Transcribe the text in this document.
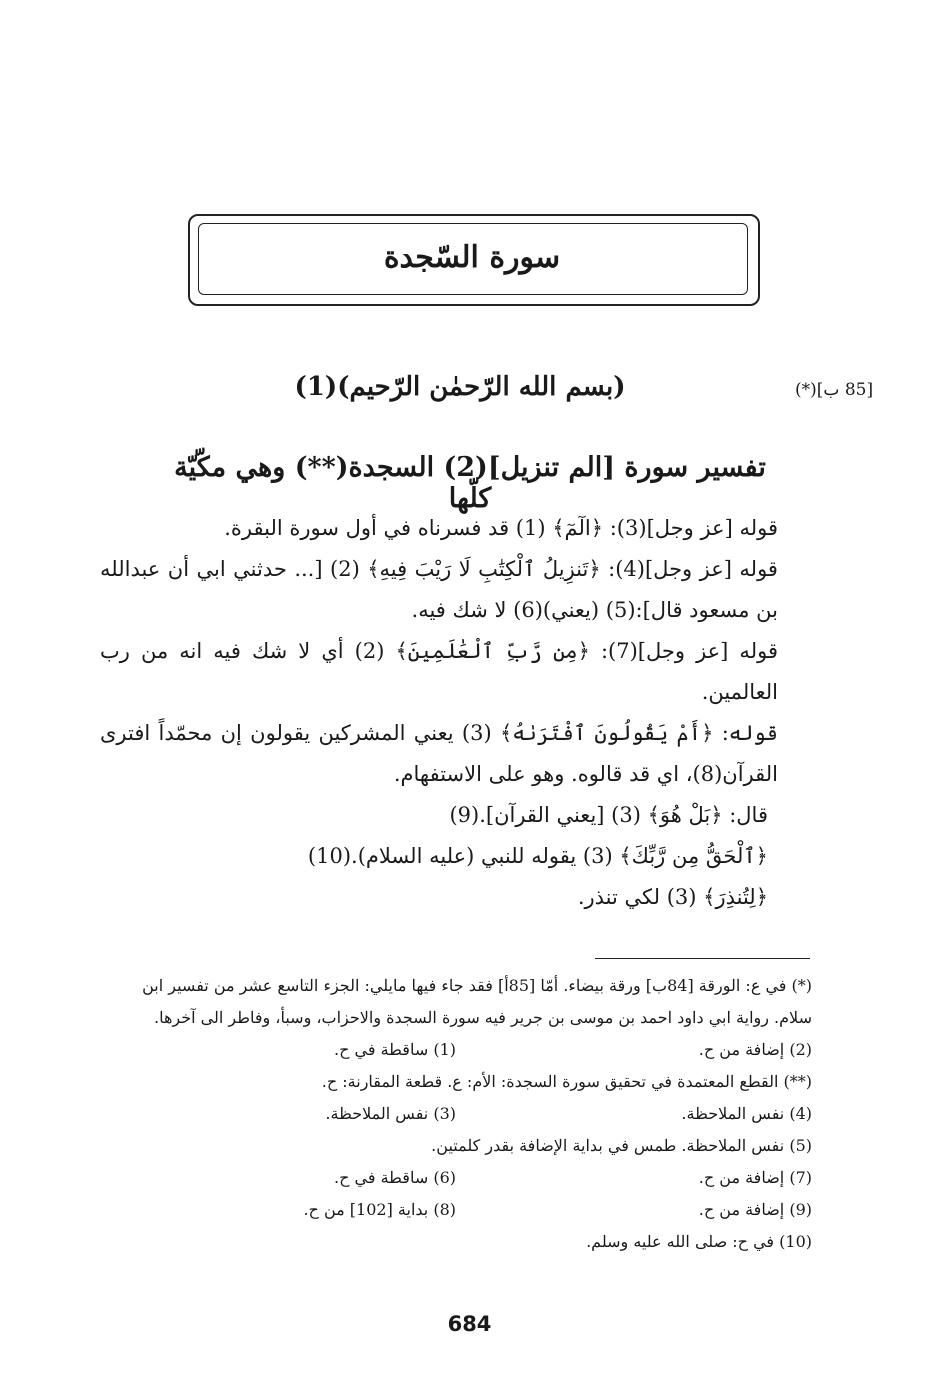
سورة السّجدة
[85 ب](*)
(بسم الله الرّحمٰن الرّحيم)(1)
تفسير سورة [الم تنزيل](2) السجدة(**) وهي مكّيّة كلّها

قوله [عز وجل](3): ﴿الٓمٓ﴾ (1) قد فسرناه في أول سورة البقرة.

قوله [عز وجل](4): ﴿تَنزِيلُ ٱلْكِتَٰبِ لَا رَيْبَ فِيهِ﴾ (2) [... حدثني ابي أن عبدالله بن مسعود قال]:(5) (يعني)(6) لا شك فيه.

قوله [عز وجل](7): ﴿مِن رَّبِّ ٱلْعَٰلَمِينَ﴾ (2) أي لا شك فيه انه من رب العالمين.

قوله: ﴿أَمْ يَقُولُونَ ٱفْتَرَىٰهُ﴾ (3) يعني المشركين يقولون إن محمّداً افترى القرآن(8)، اي قد قالوه. وهو على الاستفهام.

قال: ﴿بَلْ هُوَ﴾ (3) [يعني القرآن].(9)

﴿ٱلْحَقُّ مِن رَّبِّكَ﴾ (3) يقوله للنبي (عليه السلام).(10)

﴿لِتُنذِرَ﴾ (3) لكي تنذر.

(*) في ع: الورقة [84ب] ورقة بيضاء. أمّا [85أ] فقد جاء فيها مايلي: الجزء التاسع عشر من تفسير ابن سلام. رواية ابي داود احمد بن موسى بن جرير فيه سورة السجدة والاحزاب، وسبأ، وفاطر الى آخرها.
(1) ساقطة في ح.	(2) إضافة من ح.
(**) القطع المعتمدة في تحقيق سورة السجدة: الأم: ع. قطعة المقارنة: ح.
(3) نفس الملاحظة.	(4) نفس الملاحظة.
(5) نفس الملاحظة. طمس في بداية الإضافة بقدر كلمتين.
(6) ساقطة في ح.	(7) إضافة من ح.
(8) بداية [102] من ح.	(9) إضافة من ح.
(10) في ح: صلى الله عليه وسلم.
684
